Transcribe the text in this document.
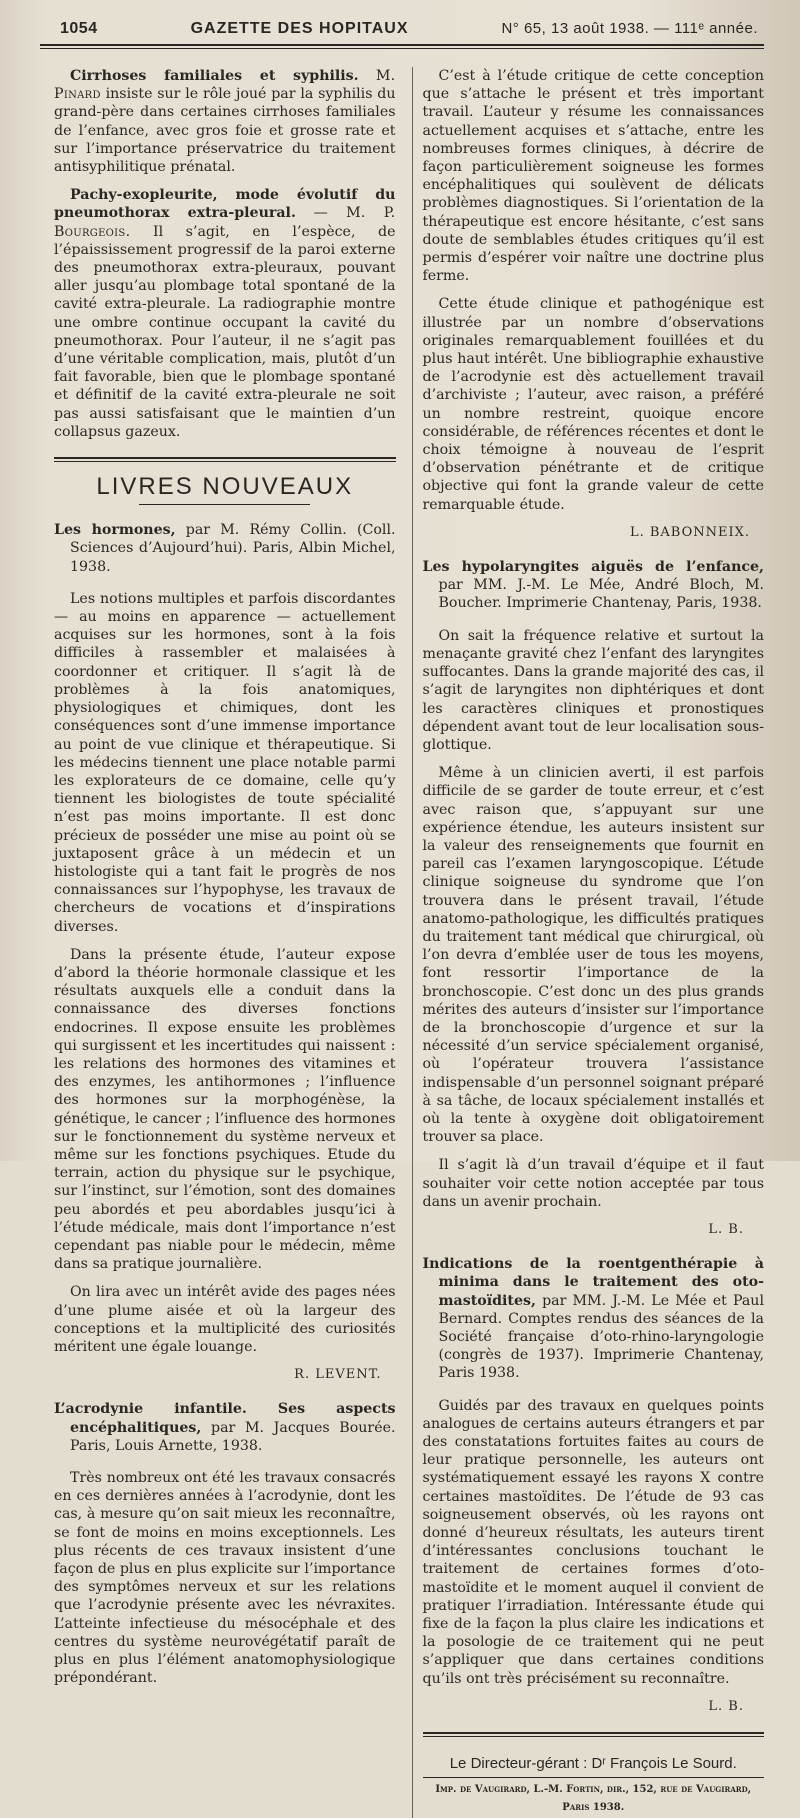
1054	GAZETTE DES HOPITAUX	N° 65, 13 août 1938. — 111ᵉ année.

Cirrhoses familiales et syphilis. M. Pinard insiste sur le rôle joué par la syphilis du grand-père dans certaines cirrhoses familiales de l’enfance, avec gros foie et grosse rate et sur l’importance préservatrice du traitement antisyphilitique prénatal.

Pachy-exopleurite, mode évolutif du pneumothorax extra-pleural. — M. P. Bourgeois. Il s’agit, en l’espèce, de l’épaississement progressif de la paroi externe des pneumothorax extra-pleuraux, pouvant aller jusqu’au plombage total spontané de la cavité extra-pleurale. La radiographie montre une ombre continue occupant la cavité du pneumothorax. Pour l’auteur, il ne s’agit pas d’une véritable complication, mais, plutôt d’un fait favorable, bien que le plombage spontané et définitif de la cavité extra-pleurale ne soit pas aussi satisfaisant que le maintien d’un collapsus gazeux.

LIVRES NOUVEAUX

Les hormones, par M. Rémy Collin. (Coll. Sciences d’Aujourd’hui). Paris, Albin Michel, 1938.

Les notions multiples et parfois discordantes — au moins en apparence — actuellement acquises sur les hormones, sont à la fois difficiles à rassembler et malaisées à coordonner et critiquer. Il s’agit là de problèmes à la fois anatomiques, physiologiques et chimiques, dont les conséquences sont d’une immense importance au point de vue clinique et thérapeutique. Si les médecins tiennent une place notable parmi les explorateurs de ce domaine, celle qu’y tiennent les biologistes de toute spécialité n’est pas moins importante. Il est donc précieux de posséder une mise au point où se juxtaposent grâce à un médecin et un histologiste qui a tant fait le progrès de nos connaissances sur l’hypophyse, les travaux de chercheurs de vocations et d’inspirations diverses.

Dans la présente étude, l’auteur expose d’abord la théorie hormonale classique et les résultats auxquels elle a conduit dans la connaissance des diverses fonctions endocrines. Il expose ensuite les problèmes qui surgissent et les incertitudes qui naissent : les relations des hormones des vitamines et des enzymes, les antihormones ; l’influence des hormones sur la morphogénèse, la génétique, le cancer ; l’influence des hormones sur le fonctionnement du système nerveux et même sur les fonctions psychiques. Etude du terrain, action du physique sur le psychique, sur l’instinct, sur l’émotion, sont des domaines peu abordés et peu abordables jusqu’ici à l’étude médicale, mais dont l’importance n’est cependant pas niable pour le médecin, même dans sa pratique journalière.

On lira avec un intérêt avide des pages nées d’une plume aisée et où la largeur des conceptions et la multiplicité des curiosités méritent une égale louange.

R. LEVENT.

L’acrodynie infantile. Ses aspects encéphalitiques, par M. Jacques Bourée. Paris, Louis Arnette, 1938.

Très nombreux ont été les travaux consacrés en ces dernières années à l’acrodynie, dont les cas, à mesure qu’on sait mieux les reconnaître, se font de moins en moins exceptionnels. Les plus récents de ces travaux insistent d’une façon de plus en plus explicite sur l’importance des symptômes nerveux et sur les relations que l’acrodynie présente avec les névraxites. L’atteinte infectieuse du mésocéphale et des centres du système neurovégétatif paraît de plus en plus l’élément anatomophysiologique prépondérant.

C’est à l’étude critique de cette conception que s’attache le présent et très important travail. L’auteur y résume les connaissances actuellement acquises et s’attache, entre les nombreuses formes cliniques, à décrire de façon particulièrement soigneuse les formes encéphalitiques qui soulèvent de délicats problèmes diagnostiques. Si l’orientation de la thérapeutique est encore hésitante, c’est sans doute de semblables études critiques qu’il est permis d’espérer voir naître une doctrine plus ferme.

Cette étude clinique et pathogénique est illustrée par un nombre d’observations originales remarquablement fouillées et du plus haut intérêt. Une bibliographie exhaustive de l’acrodynie est dès actuellement travail d’archiviste ; l’auteur, avec raison, a préféré un nombre restreint, quoique encore considérable, de références récentes et dont le choix témoigne à nouveau de l’esprit d’observation pénétrante et de critique objective qui font la grande valeur de cette remarquable étude.

L. BABONNEIX.

Les hypolaryngites aiguës de l’enfance, par MM. J.-M. Le Mée, André Bloch, M. Boucher. Imprimerie Chantenay, Paris, 1938.

On sait la fréquence relative et surtout la menaçante gravité chez l’enfant des laryngites suffocantes. Dans la grande majorité des cas, il s’agit de laryngites non diphtériques et dont les caractères cliniques et pronostiques dépendent avant tout de leur localisation sous-glottique.

Même à un clinicien averti, il est parfois difficile de se garder de toute erreur, et c’est avec raison que, s’appuyant sur une expérience étendue, les auteurs insistent sur la valeur des renseignements que fournit en pareil cas l’examen laryngoscopique. L’étude clinique soigneuse du syndrome que l’on trouvera dans le présent travail, l’étude anatomo-pathologique, les difficultés pratiques du traitement tant médical que chirurgical, où l’on devra d’emblée user de tous les moyens, font ressortir l’importance de la bronchoscopie. C’est donc un des plus grands mérites des auteurs d’insister sur l’importance de la bronchoscopie d’urgence et sur la nécessité d’un service spécialement organisé, où l’opérateur trouvera l’assistance indispensable d’un personnel soignant préparé à sa tâche, de locaux spécialement installés et où la tente à oxygène doit obligatoirement trouver sa place.

Il s’agit là d’un travail d’équipe et il faut souhaiter voir cette notion acceptée par tous dans un avenir prochain.

L. B.

Indications de la roentgenthérapie à minima dans le traitement des oto-mastoïdites, par MM. J.-M. Le Mée et Paul Bernard. Comptes rendus des séances de la Société française d’oto-rhino-laryngologie (congrès de 1937). Imprimerie Chantenay, Paris 1938.

Guidés par des travaux en quelques points analogues de certains auteurs étrangers et par des constatations fortuites faites au cours de leur pratique personnelle, les auteurs ont systématiquement essayé les rayons X contre certaines mastoïdites. De l’étude de 93 cas soigneusement observés, où les rayons ont donné d’heureux résultats, les auteurs tirent d’intéressantes conclusions touchant le traitement de certaines formes d’oto-mastoïdite et le moment auquel il convient de pratiquer l’irradiation. Intéressante étude qui fixe de la façon la plus claire les indications et la posologie de ce traitement qui ne peut s’appliquer que dans certaines conditions qu’ils ont très précisément su reconnaître.

L. B.
Le Directeur-gérant : Dʳ François Le Sourd.
Imp. de Vaugirard, L.-M. Fortin, dir., 152, rue de Vaugirard, Paris 1938.
